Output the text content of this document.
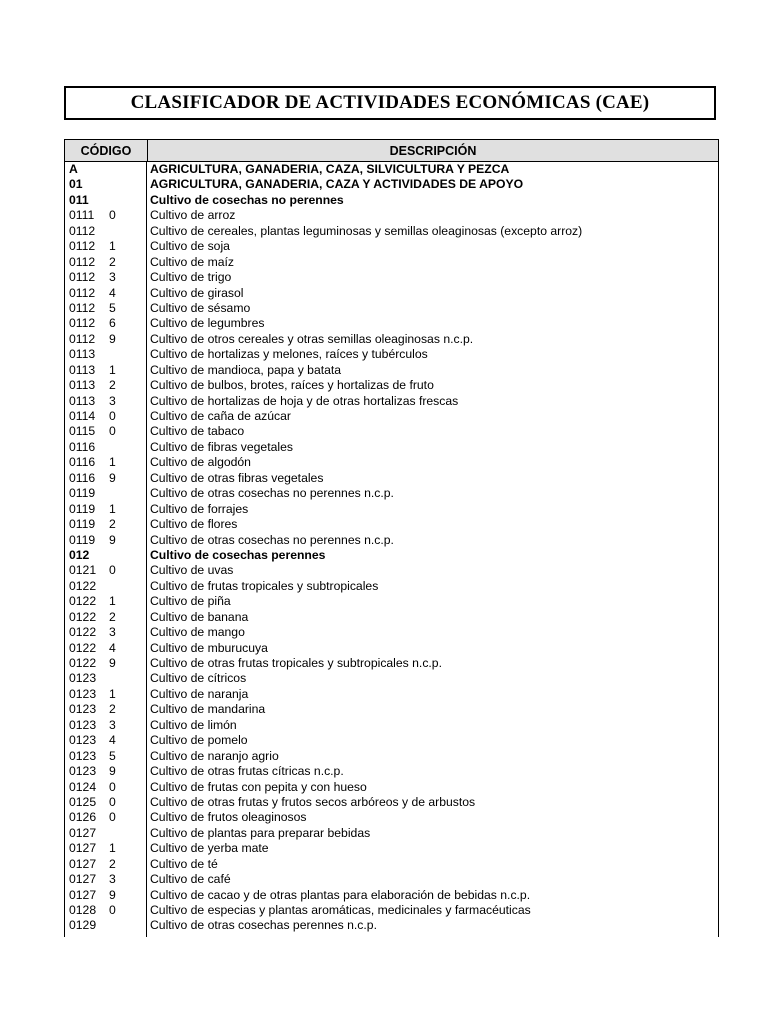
CLASIFICADOR DE ACTIVIDADES ECONÓMICAS (CAE)
CÓDIGO	DESCRIPCIÓN
A
01
011
0111 0
0112
0112 1
0112 2
0112 3
0112 4
0112 5
0112 6
0112 9
0113
0113 1
0113 2
0113 3
0114 0
0115 0
0116
0116 1
0116 9
0119
0119 1
0119 2
0119 9
012
0121 0
0122
0122 1
0122 2
0122 3
0122 4
0122 9
0123
0123 1
0123 2
0123 3
0123 4
0123 5
0123 9
0124 0
0125 0
0126 0
0127
0127 1
0127 2
0127 3
0127 9
0128 0
0129
AGRICULTURA, GANADERIA, CAZA, SILVICULTURA Y PEZCA
AGRICULTURA, GANADERIA, CAZA Y ACTIVIDADES DE APOYO
Cultivo de cosechas no perennes
Cultivo de arroz
Cultivo de cereales, plantas leguminosas y semillas oleaginosas (excepto arroz)
Cultivo de soja
Cultivo de maíz
Cultivo de trigo
Cultivo de girasol
Cultivo de sésamo
Cultivo de legumbres
Cultivo de otros cereales y otras semillas oleaginosas n.c.p.
Cultivo de hortalizas y melones, raíces y tubérculos
Cultivo de mandioca, papa y batata
Cultivo de bulbos, brotes, raíces y hortalizas de fruto
Cultivo de hortalizas de hoja y de otras hortalizas frescas
Cultivo de caña de azúcar
Cultivo de tabaco
Cultivo de fibras vegetales
Cultivo de algodón
Cultivo de otras fibras vegetales
Cultivo de otras cosechas no perennes n.c.p.
Cultivo de forrajes
Cultivo de flores
Cultivo de otras cosechas no perennes n.c.p.
Cultivo de cosechas perennes
Cultivo de uvas
Cultivo de frutas tropicales y subtropicales
Cultivo de piña
Cultivo de banana
Cultivo de mango
Cultivo de mburucuya
Cultivo de otras frutas tropicales y subtropicales n.c.p.
Cultivo de cítricos
Cultivo de naranja
Cultivo de mandarina
Cultivo de limón
Cultivo de pomelo
Cultivo de naranjo agrio
Cultivo de otras frutas cítricas n.c.p.
Cultivo de frutas con pepita y con hueso
Cultivo de otras frutas y frutos secos arbóreos y de arbustos
Cultivo de frutos oleaginosos
Cultivo de plantas para preparar bebidas
Cultivo de yerba mate
Cultivo de té
Cultivo de café
Cultivo de cacao y de otras plantas para elaboración de bebidas n.c.p.
Cultivo de especias y plantas aromáticas, medicinales y farmacéuticas
Cultivo de otras cosechas perennes n.c.p.
